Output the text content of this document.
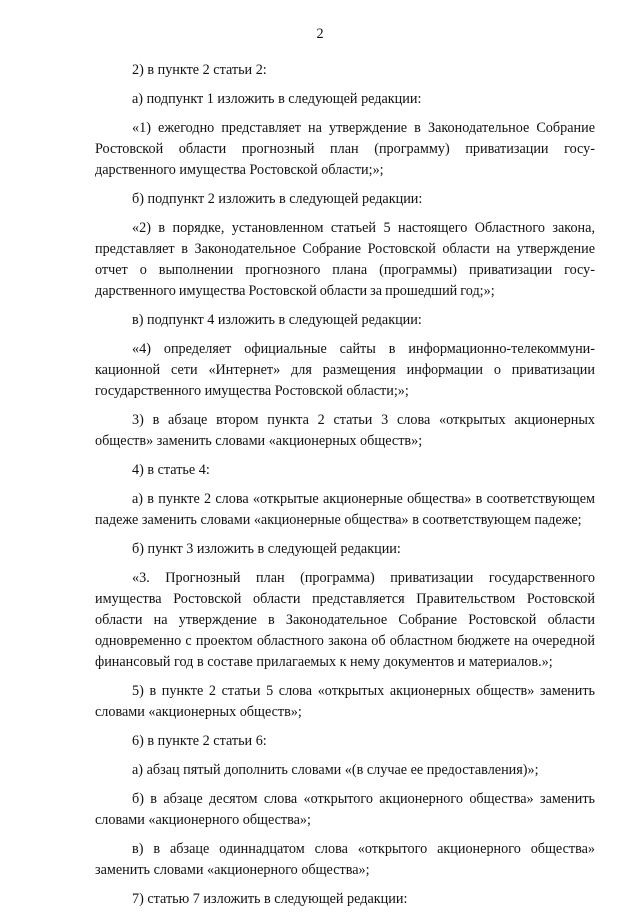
2

2) в пункте 2 статьи 2:

а) подпункт 1 изложить в следующей редакции:

«1) ежегодно представляет на утверждение в Законодательное Собрание Ростовской области прогнозный план (программу) приватизации государственного имущества Ростовской области;»;

б) подпункт 2 изложить в следующей редакции:

«2) в порядке, установленном статьей 5 настоящего Областного закона, представляет в Законодательное Собрание Ростовской области на утверждение отчет о выполнении прогнозного плана (программы) приватизации государственного имущества Ростовской области за прошедший год;»;

в) подпункт 4 изложить в следующей редакции:

«4) определяет официальные сайты в информационно-телекоммуникационной сети «Интернет» для размещения информации о приватизации государственного имущества Ростовской области;»;

3) в абзаце втором пункта 2 статьи 3 слова «открытых акционерных обществ» заменить словами «акционерных обществ»;

4) в статье 4:

а) в пункте 2 слова «открытые акционерные общества» в соответствующем падеже заменить словами «акционерные общества» в соответствующем падеже;

б) пункт 3 изложить в следующей редакции:

«3. Прогнозный план (программа) приватизации государственного имущества Ростовской области представляется Правительством Ростовской области на утверждение в Законодательное Собрание Ростовской области одновременно с проектом областного закона об областном бюджете на очередной финансовый год в составе прилагаемых к нему документов и материалов.»;

5) в пункте 2 статьи 5 слова «открытых акционерных обществ» заменить словами «акционерных обществ»;

6) в пункте 2 статьи 6:

а) абзац пятый дополнить словами «(в случае ее предоставления)»;

б) в абзаце десятом слова «открытого акционерного общества» заменить словами «акционерного общества»;

в) в абзаце одиннадцатом слова «открытого акционерного общества» заменить словами «акционерного общества»;

7) статью 7 изложить в следующей редакции:
